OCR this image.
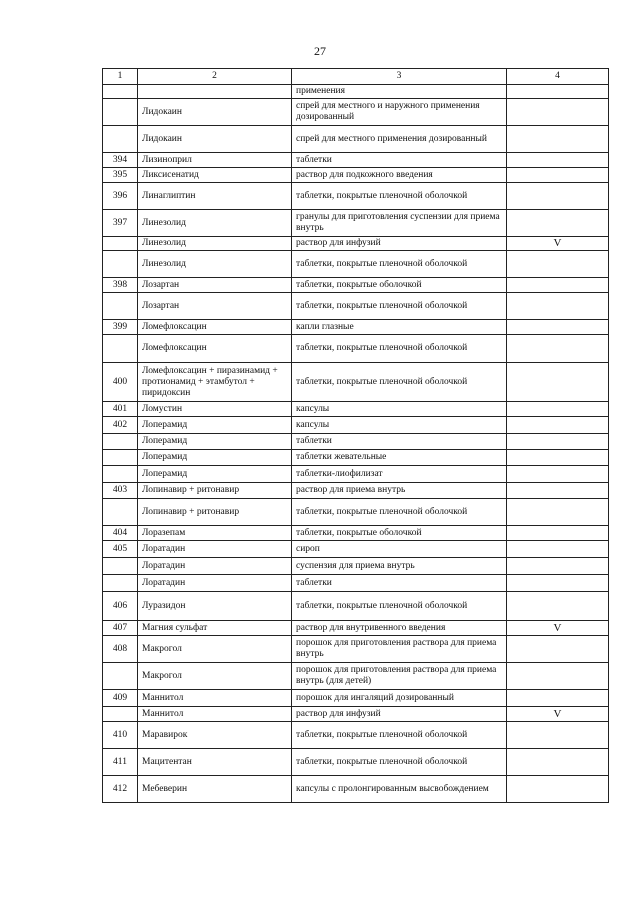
27
1	2	3	4
		применения	
	Лидокаин	спрей для местного и наружного применения дозированный	
	Лидокаин	спрей для местного применения дозированный	
394	Лизиноприл	таблетки	
395	Ликсисенатид	раствор для подкожного введения	
396	Линаглиптин	таблетки, покрытые пленочной оболочкой	
397	Линезолид	гранулы для приготовления суспензии для приема внутрь	
	Линезолид	раствор для инфузий	V
	Линезолид	таблетки, покрытые пленочной оболочкой	
398	Лозартан	таблетки, покрытые оболочкой	
	Лозартан	таблетки, покрытые пленочной оболочкой	
399	Ломефлоксацин	капли глазные	
	Ломефлоксацин	таблетки, покрытые пленочной оболочкой	
400	Ломефлоксацин + пиразинамид + протионамид + этамбутол + пиридоксин	таблетки, покрытые пленочной оболочкой	
401	Ломустин	капсулы	
402	Лоперамид	капсулы	
	Лоперамид	таблетки	
	Лоперамид	таблетки жевательные	
	Лоперамид	таблетки-лиофилизат	
403	Лопинавир + ритонавир	раствор для приема внутрь	
	Лопинавир + ритонавир	таблетки, покрытые пленочной оболочкой	
404	Лоразепам	таблетки, покрытые оболочкой	
405	Лоратадин	сироп	
	Лоратадин	суспензия для приема внутрь	
	Лоратадин	таблетки	
406	Луразидон	таблетки, покрытые пленочной оболочкой	
407	Магния сульфат	раствор для внутривенного введения	V
408	Макрогол	порошок для приготовления раствора для приема внутрь	
	Макрогол	порошок для приготовления раствора для приема внутрь (для детей)	
409	Маннитол	порошок для ингаляций дозированный	
	Маннитол	раствор для инфузий	V
410	Маравирок	таблетки, покрытые пленочной оболочкой	
411	Мацитентан	таблетки, покрытые пленочной оболочкой	
412	Мебеверин	капсулы с пролонгированным высвобождением	
